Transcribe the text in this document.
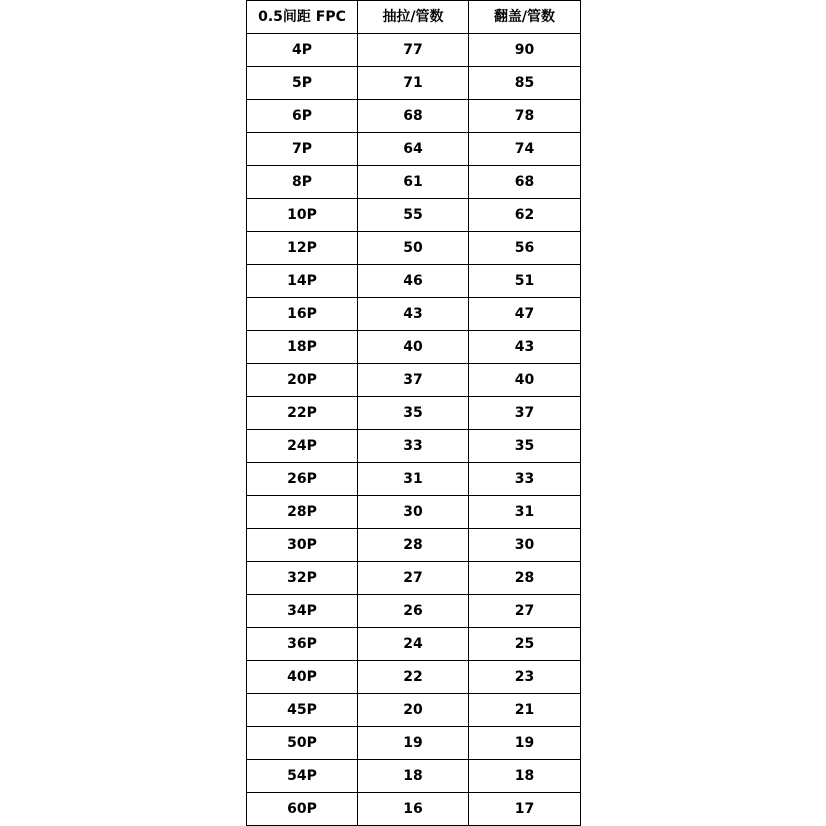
0.5间距 FPC	抽拉/管数	翻盖/管数
4P	77	90
5P	71	85
6P	68	78
7P	64	74
8P	61	68
10P	55	62
12P	50	56
14P	46	51
16P	43	47
18P	40	43
20P	37	40
22P	35	37
24P	33	35
26P	31	33
28P	30	31
30P	28	30
32P	27	28
34P	26	27
36P	24	25
40P	22	23
45P	20	21
50P	19	19
54P	18	18
60P	16	17
